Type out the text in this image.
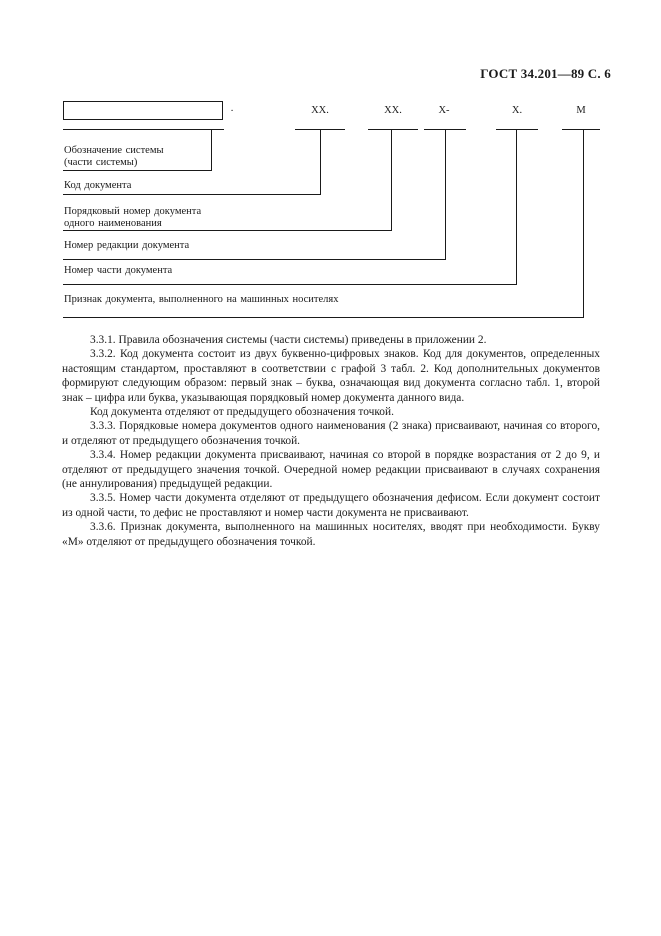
ГОСТ 34.201—89 С. 6
.	XX.	XX.	X-	X.	M
Обозначение системы
(части системы)
Код документа
Порядковый номер документа
одного наименования
Номер редакции документа
Номер части документа
Признак документа, выполненного на машинных носителях

3.3.1. Правила обозначения системы (части системы) приведены в приложении 2.

3.3.2. Код документа состоит из двух буквенно-цифровых знаков. Код для документов, определенных настоящим стандартом, проставляют в соответствии с графой 3 табл. 2. Код дополнительных документов формируют следующим образом: первый знак – буква, означающая вид документа согласно табл. 1, второй знак – цифра или буква, указывающая порядковый номер документа данного вида.

Код документа отделяют от предыдущего обозначения точкой.

3.3.3. Порядковые номера документов одного наименования (2 знака) присваивают, начиная со второго, и отделяют от предыдущего обозначения точкой.

3.3.4. Номер редакции документа присваивают, начиная со второй в порядке возрастания от 2 до 9, и отделяют от предыдущего значения точкой. Очередной номер редакции присваивают в случаях сохранения (не аннулирования) предыдущей редакции.

3.3.5. Номер части документа отделяют от предыдущего обозначения дефисом. Если документ состоит из одной части, то дефис не проставляют и номер части документа не присваивают.

3.3.6. Признак документа, выполненного на машинных носителях, вводят при необходимости. Букву «М» отделяют от предыдущего обозначения точкой.
